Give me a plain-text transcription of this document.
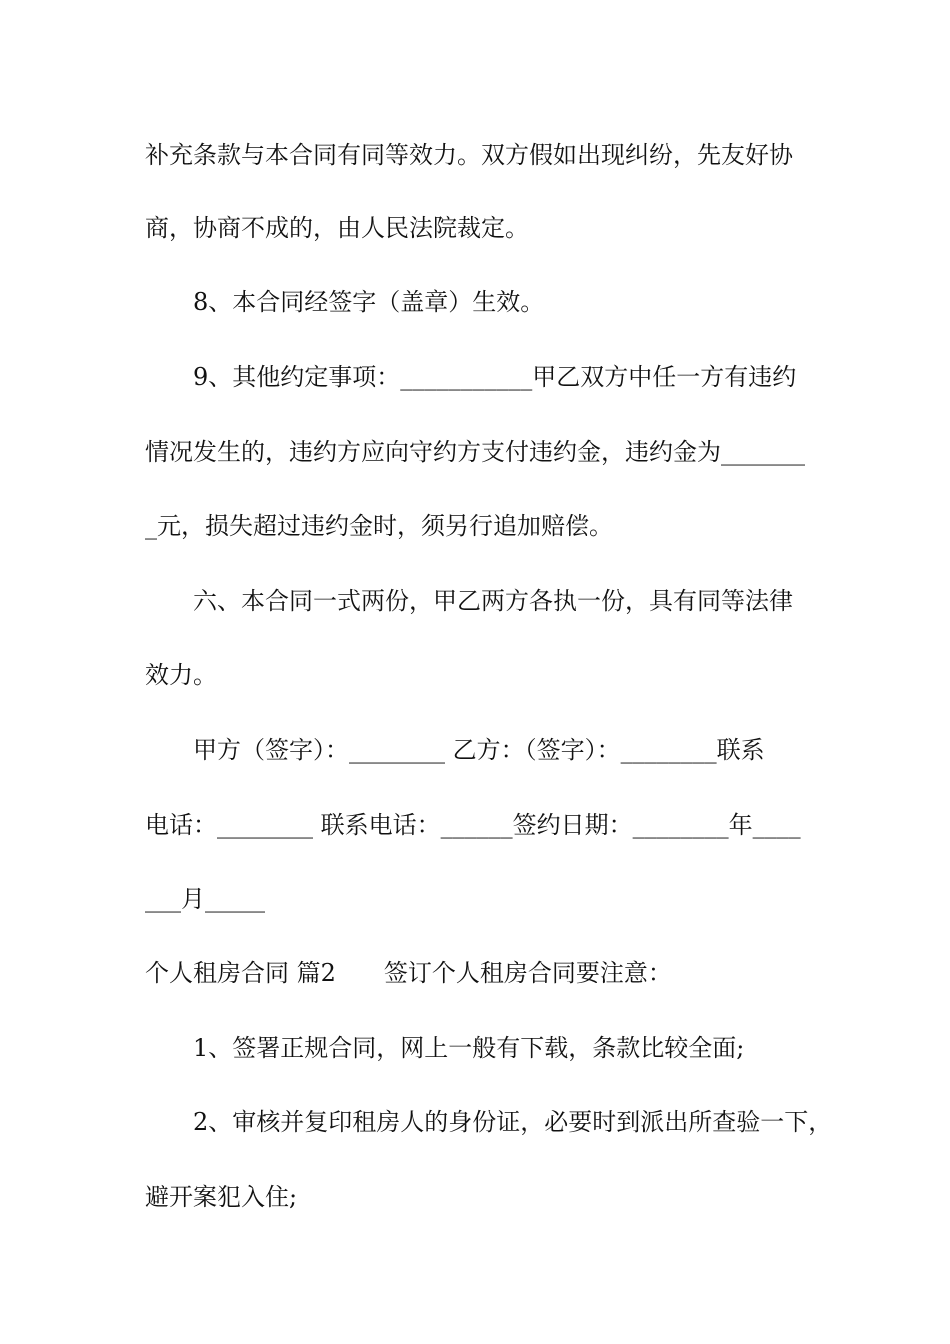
补充条款与本合同有同等效力。双方假如出现纠纷，先友好协
商，协商不成的，由人民法院裁定。
8、本合同经签字（盖章）生效。
9、其他约定事项：___________甲乙双方中任一方有违约
情况发生的，违约方应向守约方支付违约金，违约金为_______
_元，损失超过违约金时，须另行追加赔偿。
六、本合同一式两份，甲乙两方各执一份，具有同等法律
效力。
甲方（签字）：________ 乙方：（签字）：________联系
电话：________ 联系电话：______签约日期：________年____
___月_____
个人租房合同 篇2　　签订个人租房合同要注意：
1、签署正规合同，网上一般有下载，条款比较全面;
2、审核并复印租房人的身份证，必要时到派出所查验一下，
避开案犯入住;
